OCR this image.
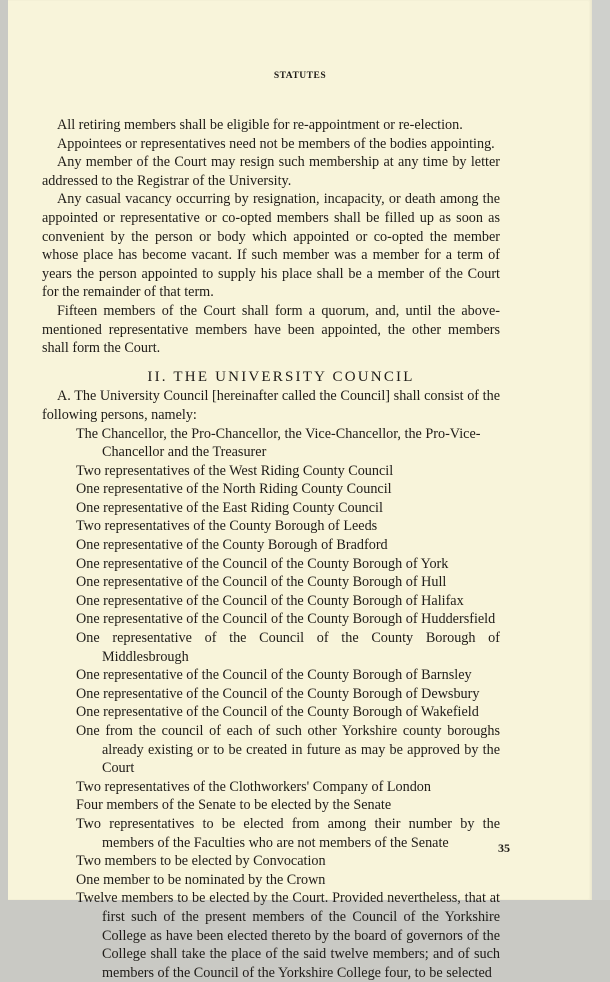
STATUTES

All retiring members shall be eligible for re-appointment or re-election.

Appointees or representatives need not be members of the bodies appointing.

Any member of the Court may resign such membership at any time by letter addressed to the Registrar of the University.

Any casual vacancy occurring by resignation, incapacity, or death among the appointed or representative or co-opted members shall be filled up as soon as convenient by the person or body which appointed or co-opted the member whose place has become vacant. If such member was a member for a term of years the person appointed to supply his place shall be a member of the Court for the remainder of that term.

Fifteen members of the Court shall form a quorum, and, until the above-mentioned representative members have been appointed, the other members shall form the Court.

II. THE UNIVERSITY COUNCIL

A. The University Council [hereinafter called the Council] shall consist of the following persons, namely:

The Chancellor, the Pro-Chancellor, the Vice-Chancellor, the Pro-Vice-Chancellor and the Treasurer
Two representatives of the West Riding County Council
One representative of the North Riding County Council
One representative of the East Riding County Council
Two representatives of the County Borough of Leeds
One representative of the County Borough of Bradford
One representative of the Council of the County Borough of York
One representative of the Council of the County Borough of Hull
One representative of the Council of the County Borough of Halifax
One representative of the Council of the County Borough of Huddersfield
One representative of the Council of the County Borough of Middlesbrough
One representative of the Council of the County Borough of Barnsley
One representative of the Council of the County Borough of Dewsbury
One representative of the Council of the County Borough of Wakefield
One from the council of each of such other Yorkshire county boroughs already existing or to be created in future as may be approved by the Court
Two representatives of the Clothworkers' Company of London
Four members of the Senate to be elected by the Senate
Two representatives to be elected from among their number by the members of the Faculties who are not members of the Senate
Two members to be elected by Convocation
One member to be nominated by the Crown
Twelve members to be elected by the Court. Provided nevertheless, that at first such of the present members of the Council of the Yorkshire College as have been elected thereto by the board of governors of the College shall take the place of the said twelve members; and of such members of the Council of the Yorkshire College four, to be selected
35
